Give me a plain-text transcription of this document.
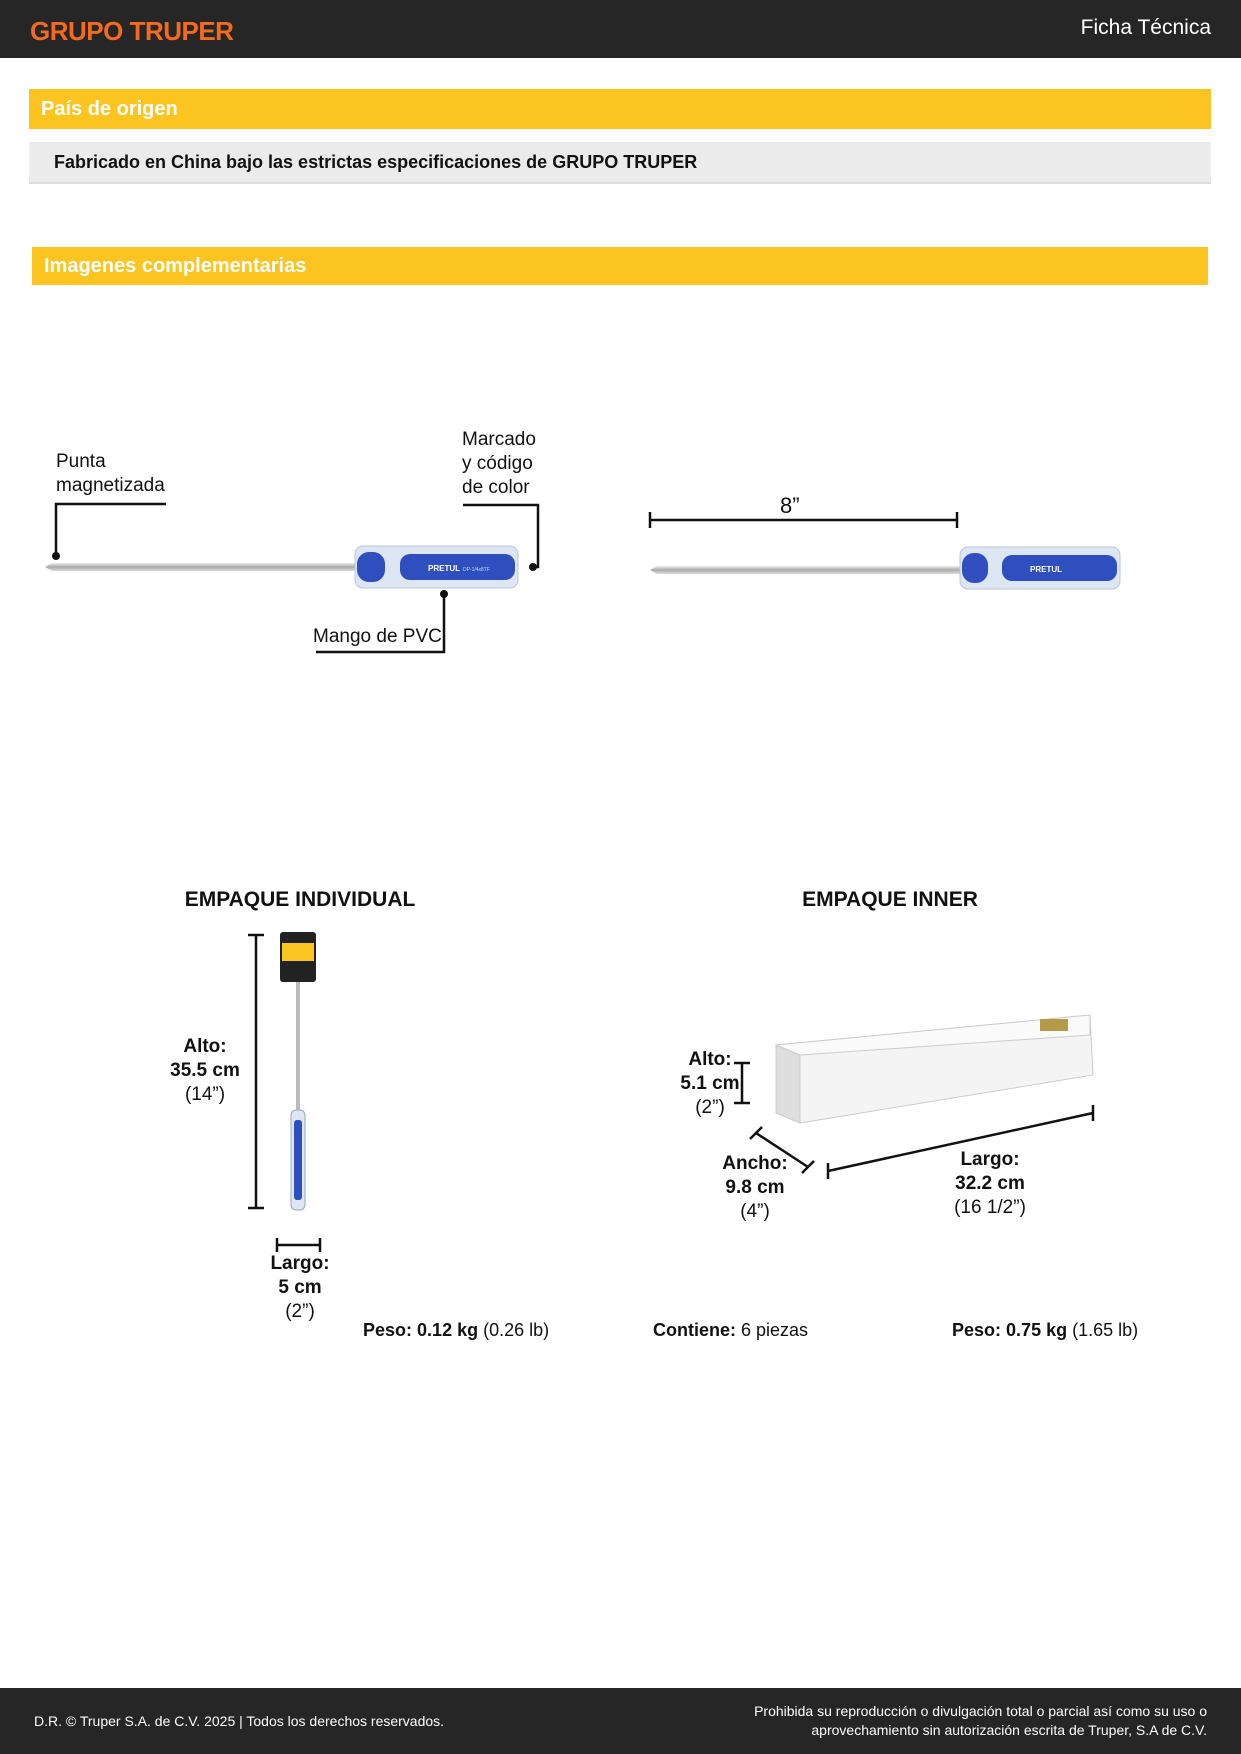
GRUPO TRUPER	Ficha Técnica
País de origen
Fabricado en China bajo las estrictas especificaciones de GRUPO TRUPER
Imagenes complementarias
PRETUL DP-1/4x8TF	PRETUL
Punta magnetizada
Marcado y código de color
Mango de PVC
8”
EMPAQUE INDIVIDUAL
Alto:
35.5 cm
(14”)
Largo:
5 cm
(2”)
Peso: 0.12 kg (0.26 lb)
EMPAQUE INNER
Alto:
5.1 cm
(2”)
Ancho:
9.8 cm
(4”)
Largo:
32.2 cm
(16 1/2”)
Contiene: 6 piezas	Peso: 0.75 kg (1.65 lb)
D.R. © Truper S.A. de C.V. 2025 | Todos los derechos reservados.
Prohibida su reproducción o divulgación total o parcial así como su uso o
aprovechamiento sin autorización escrita de Truper, S.A de C.V.
